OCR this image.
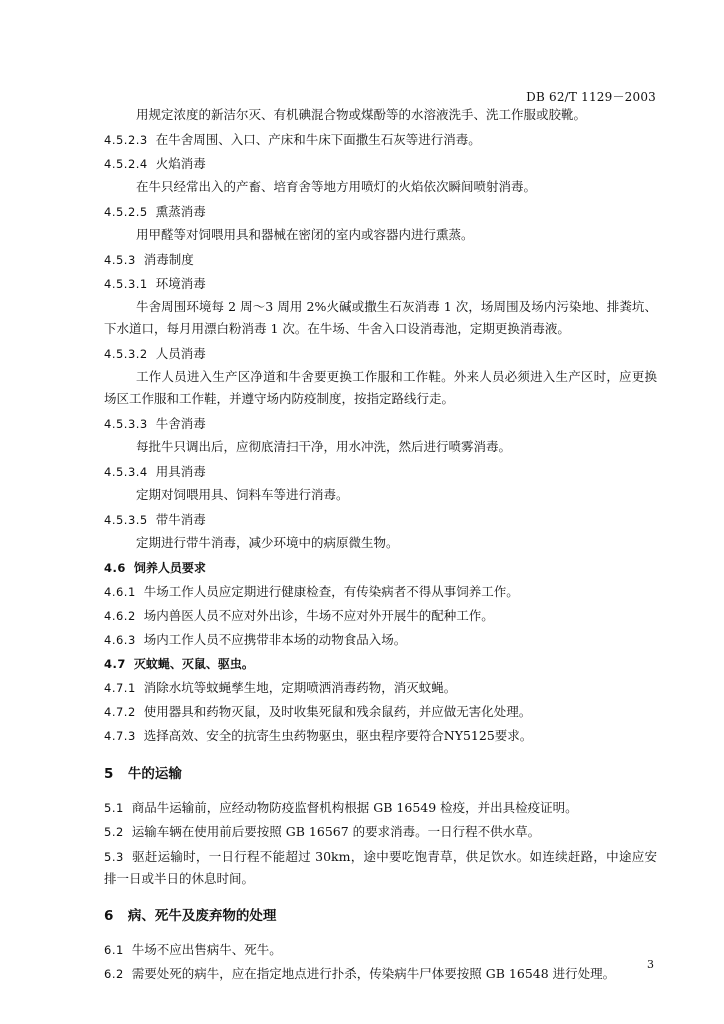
DB 62/T 1129－2003

用规定浓度的新洁尔灭、有机碘混合物或煤酚等的水溶液洗手、洗工作服或胶靴。

4.5.2.3 在牛舍周围、入口、产床和牛床下面撒生石灰等进行消毒。
4.5.2.4 火焰消毒

在牛只经常出入的产畜、培育舍等地方用喷灯的火焰依次瞬间喷射消毒。

4.5.2.5 熏蒸消毒

用甲醛等对饲喂用具和器械在密闭的室内或容器内进行熏蒸。

4.5.3 消毒制度
4.5.3.1 环境消毒

牛舍周围环境每 2 周～3 周用 2%火碱或撒生石灰消毒 1 次，场周围及场内污染地、排粪坑、下水道口，每月用漂白粉消毒 1 次。在牛场、牛舍入口设消毒池，定期更换消毒液。

4.5.3.2 人员消毒

工作人员进入生产区净道和牛舍要更换工作服和工作鞋。外来人员必须进入生产区时，应更换场区工作服和工作鞋，并遵守场内防疫制度，按指定路线行走。

4.5.3.3 牛舍消毒

每批牛只调出后，应彻底清扫干净，用水冲洗，然后进行喷雾消毒。

4.5.3.4 用具消毒

定期对饲喂用具、饲料车等进行消毒。

4.5.3.5 带牛消毒

定期进行带牛消毒，减少环境中的病原微生物。

4.6 饲养人员要求
4.6.1 牛场工作人员应定期进行健康检查，有传染病者不得从事饲养工作。
4.6.2 场内兽医人员不应对外出诊，牛场不应对外开展牛的配种工作。
4.6.3 场内工作人员不应携带非本场的动物食品入场。
4.7 灭蚊蝇、灭鼠、驱虫。
4.7.1 消除水坑等蚊蝇孳生地，定期喷洒消毒药物，消灭蚊蝇。
4.7.2 使用器具和药物灭鼠，及时收集死鼠和残余鼠药，并应做无害化处理。
4.7.3 选择高效、安全的抗寄生虫药物驱虫，驱虫程序要符合NY5125要求。
5 牛的运输
5.1 商品牛运输前，应经动物防疫监督机构根据 GB 16549 检疫，并出具检疫证明。
5.2 运输车辆在使用前后要按照 GB 16567 的要求消毒。一日行程不供水草。
5.3 驱赶运输时，一日行程不能超过 30km，途中要吃饱青草，供足饮水。如连续赶路，中途应安排一日或半日的休息时间。
6 病、死牛及废弃物的处理
6.1 牛场不应出售病牛、死牛。
6.2 需要处死的病牛，应在指定地点进行扑杀，传染病牛尸体要按照 GB 16548 进行处理。
3
